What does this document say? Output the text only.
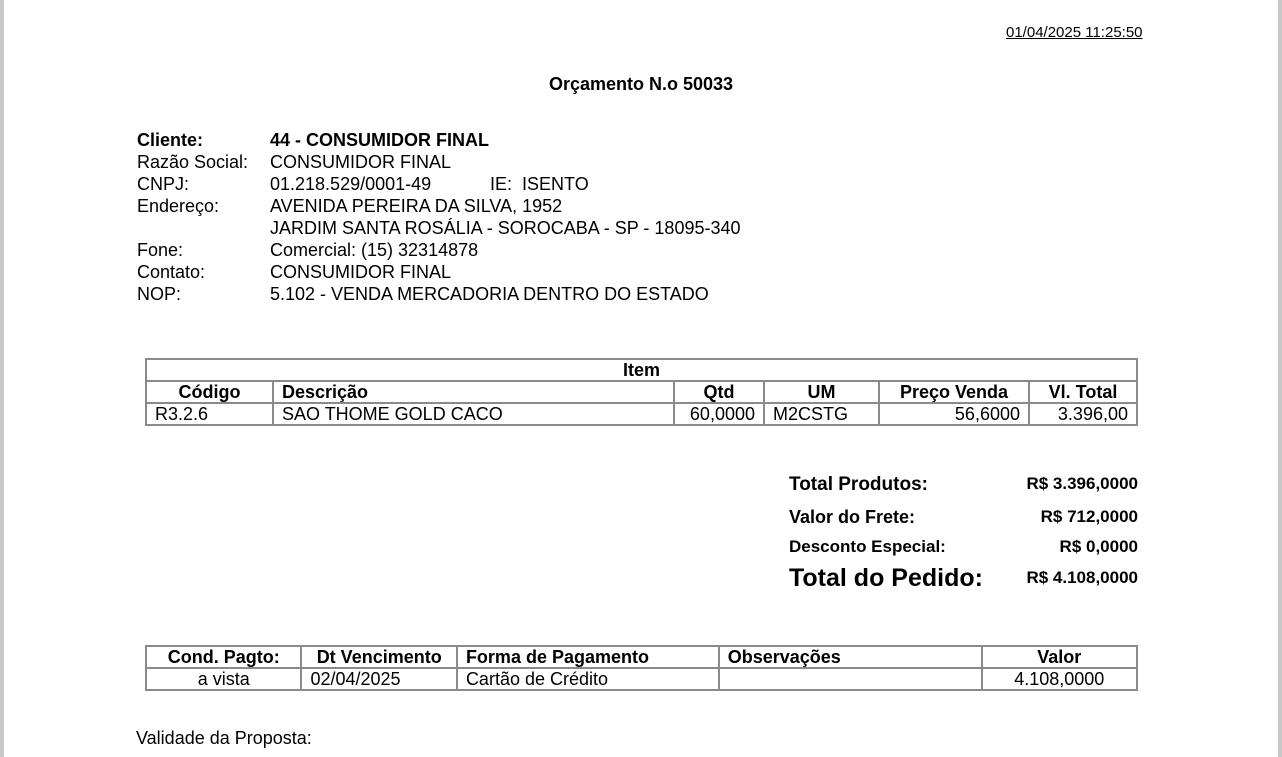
01/04/2025 11:25:50
Orçamento N.o 50033
Cliente:	44 - CONSUMIDOR FINAL
Razão Social: CONSUMIDOR FINAL
CNPJ:	01.218.529/0001-49	IE:  ISENTO
Endereço:	AVENIDA PEREIRA DA SILVA, 1952
JARDIM SANTA ROSÁLIA - SOROCABA - SP - 18095-340
Fone:	Comercial: (15) 32314878
Contato:	CONSUMIDOR FINAL
NOP:	5.102 - VENDA MERCADORIA DENTRO DO ESTADO
Item					
Código	Descrição	Qtd	UM	Preço Venda	Vl. Total
R3.2.6	SAO THOME GOLD CACO	60,0000	M2CSTG	56,6000	3.396,00
Total Produtos:	R$ 3.396,0000
Valor do Frete:	R$ 712,0000
Desconto Especial:	R$ 0,0000
Total do Pedido:	R$ 4.108,0000
Cond. Pagto:	Dt Vencimento	Forma de Pagamento	Observações	Valor
a vista	02/04/2025	Cartão de Crédito		4.108,0000
Validade da Proposta:
